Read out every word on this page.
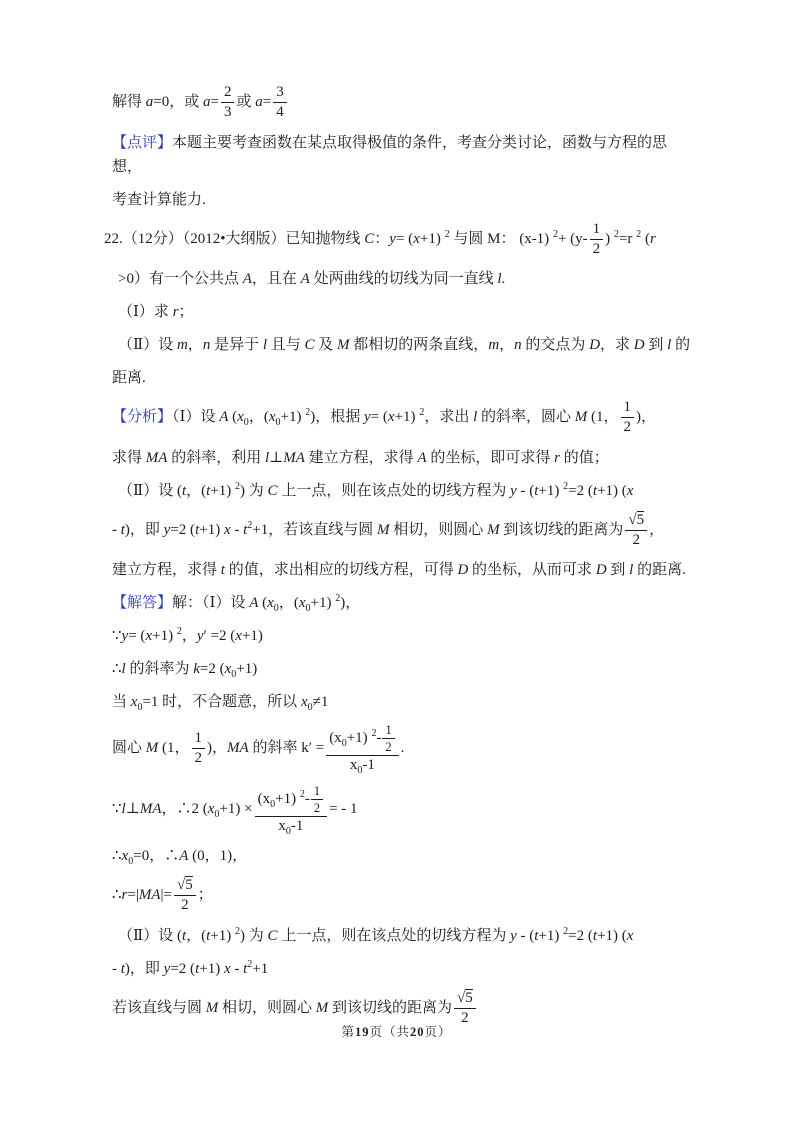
解得 a=0，或 $a= \frac{2}{3}$ 或 $a= \frac{3}{4}$
【点评】本题主要考查函数在某点取得极值的条件，考查分类讨论，函数与方程的思想，
考查计算能力.
22.（12分）（2012•大纲版）已知抛物线 C：y= (x+1) $^2$ 与圆 M： (x-1) $^2+ (y- \frac{1}{2}$ ) $^2$=r $^2$ (r
>0）有一个公共点 A，且在 A 处两曲线的切线为同一直线 l.
（Ⅰ）求 r；
（Ⅱ）设 m，n 是异于 l 且与 C 及 M 都相切的两条直线，m，n 的交点为 D，求 D 到 l 的
距离.
【分析】（Ⅰ）设 A ($x_0$，$(x_0+1)$ $^2$)，根据 y= (x+1) $^2$，求出 l 的斜率，圆心 M (1， $\frac{1}{2}$ )，
求得 MA 的斜率，利用 l⊥MA 建立方程，求得 A 的坐标，即可求得 r 的值；
（Ⅱ）设 (t，(t+1) $^2$) 为 C 上一点，则在该点处的切线方程为 y - (t+1) $^2$=2 (t+1) (x
- t)，即 y=2 (t+1) $x - t^2+1$，若该直线与圆 M 相切，则圆心 M 到该切线的距离为 √ $\frac{5}{2}$ ，
建立方程，求得 t 的值，求出相应的切线方程，可得 D 的坐标，从而可求 D 到 l 的距离.
【解答】解：（Ⅰ）设 A ($x_0$，$(x_0+1)$ $^2$)，
∵y= (x+1) $^2$，y′ =2 (x+1)
∴l 的斜率为 k=2 $(x_0+1)$
当 $x_0=1$ 时，不合题意，所以 $x_0\ne 1$
圆心 M (1， $\frac{1}{2}$ )，MA 的斜率 $k' = \frac{(x_0+1) ^2- \frac{1}{2}}{x_0-1}$ .
∵l⊥MA，∴2 $(x_0+1) \times \frac{(x_0+1) ^2- \frac{1}{2}}{x_0-1}$ = - 1
$\therefore x_0=0$，∴A (0，1)，
∴r=|MA|= √ $\frac{5}{2}$ ；
（Ⅱ）设 (t，(t+1) $^2$) 为 C 上一点，则在该点处的切线方程为 y - (t+1) $^2$=2 (t+1) (x
- t)，即 y=2 (t+1) $x - t^2+1$
若该直线与圆 M 相切，则圆心 M 到该切线的距离为 √ $\frac{5}{2}$
第19页（共20页）
